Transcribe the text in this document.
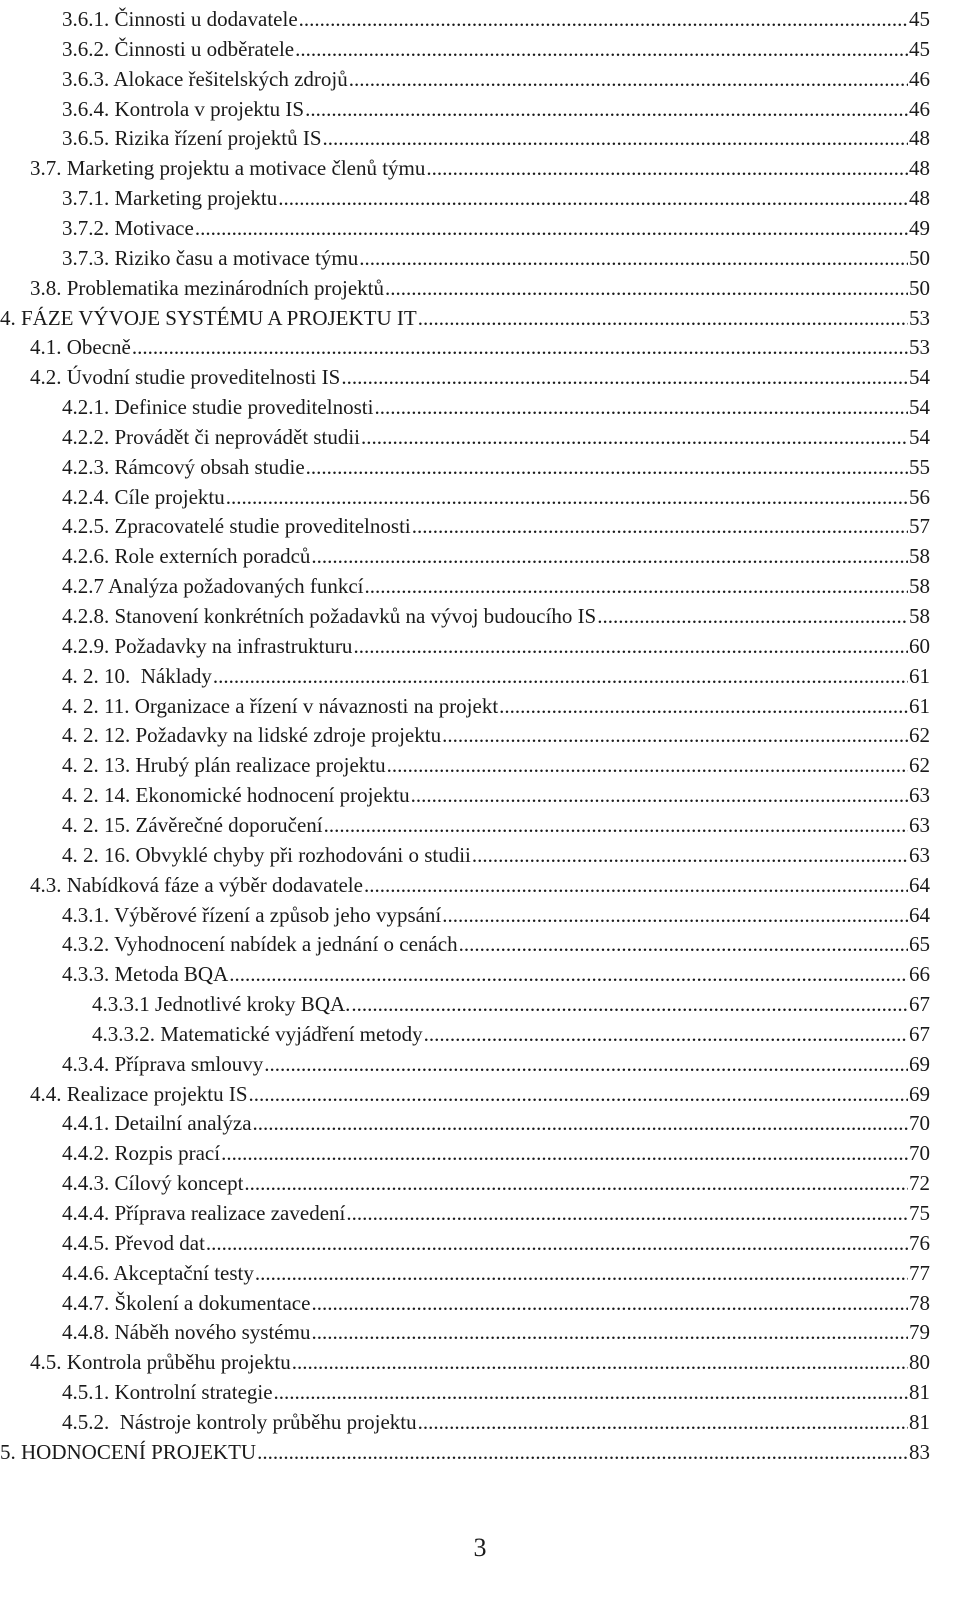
3.6.1. Činnosti u dodavatele .....	45
3.6.2. Činnosti u odběratele .....	45
3.6.3. Alokace řešitelských zdrojů .....	46
3.6.4. Kontrola v projektu IS .....	46
3.6.5. Rizika řízení projektů IS .....	48
3.7. Marketing projektu a motivace členů týmu .....	48
3.7.1. Marketing projektu .....	48
3.7.2. Motivace .....	49
3.7.3. Riziko času a motivace týmu .....	50
3.8. Problematika mezinárodních projektů .....	50
4. FÁZE VÝVOJE SYSTÉMU A PROJEKTU IT .....	53
4.1. Obecně .....	53
4.2. Úvodní studie proveditelnosti IS .....	54
4.2.1. Definice studie proveditelnosti .....	54
4.2.2. Provádět či neprovádět studii .....	54
4.2.3. Rámcový obsah studie .....	55
4.2.4. Cíle projektu .....	56
4.2.5. Zpracovatelé studie proveditelnosti .....	57
4.2.6. Role externích poradců .....	58
4.2.7 Analýza požadovaných funkcí .....	58
4.2.8. Stanovení konkrétních požadavků na vývoj budoucího IS .....	58
4.2.9. Požadavky na infrastrukturu .....	60
4. 2. 10.  Náklady .....	61
4. 2. 11. Organizace a řízení v návaznosti na projekt .....	61
4. 2. 12. Požadavky na lidské zdroje projektu .....	62
4. 2. 13. Hrubý plán realizace projektu .....	62
4. 2. 14. Ekonomické hodnocení projektu .....	63
4. 2. 15. Závěrečné doporučení .....	63
4. 2. 16. Obvyklé chyby při rozhodováni o studii .....	63
4.3. Nabídková fáze a výběr dodavatele .....	64
4.3.1. Výběrové řízení a způsob jeho vypsání .....	64
4.3.2. Vyhodnocení nabídek a jednání o cenách .....	65
4.3.3. Metoda BQA .....	66
4.3.3.1 Jednotlivé kroky BQA. .....	67
4.3.3.2. Matematické vyjádření metody .....	67
4.3.4. Příprava smlouvy .....	69
4.4. Realizace projektu IS .....	69
4.4.1. Detailní analýza .....	70
4.4.2. Rozpis prací .....	70
4.4.3. Cílový koncept .....	72
4.4.4. Příprava realizace zavedení .....	75
4.4.5. Převod dat .....	76
4.4.6. Akceptační testy .....	77
4.4.7. Školení a dokumentace .....	78
4.4.8. Náběh nového systému .....	79
4.5. Kontrola průběhu projektu .....	80
4.5.1. Kontrolní strategie .....	81
4.5.2.  Nástroje kontroly průběhu projektu .....	81
5. HODNOCENÍ PROJEKTU .....	83
3
